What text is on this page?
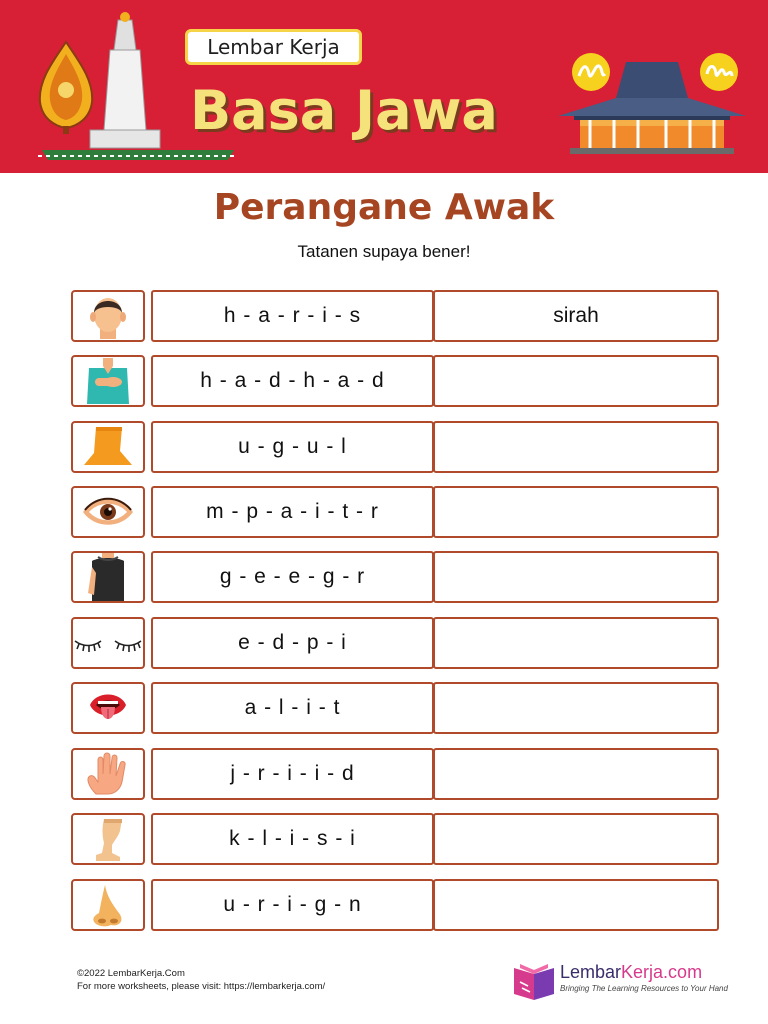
Lembar Kerja
Basa Jawa
Perangane Awak
Tatanen supaya bener!
h - a - r - i - s	sirah
h - a - d - h - a - d
u - g - u - l
m - p - a - i - t - r
g - e - e - g - r
e - d - p - i
a - l - i - t
j - r - i - i - d
k - l - i - s - i
u - r - i - g - n
©2022 LembarKerja.Com
For more worksheets, please visit: https://lembarkerja.com/
LembarKerja.com
Bringing The Learning Resources to Your Hand
